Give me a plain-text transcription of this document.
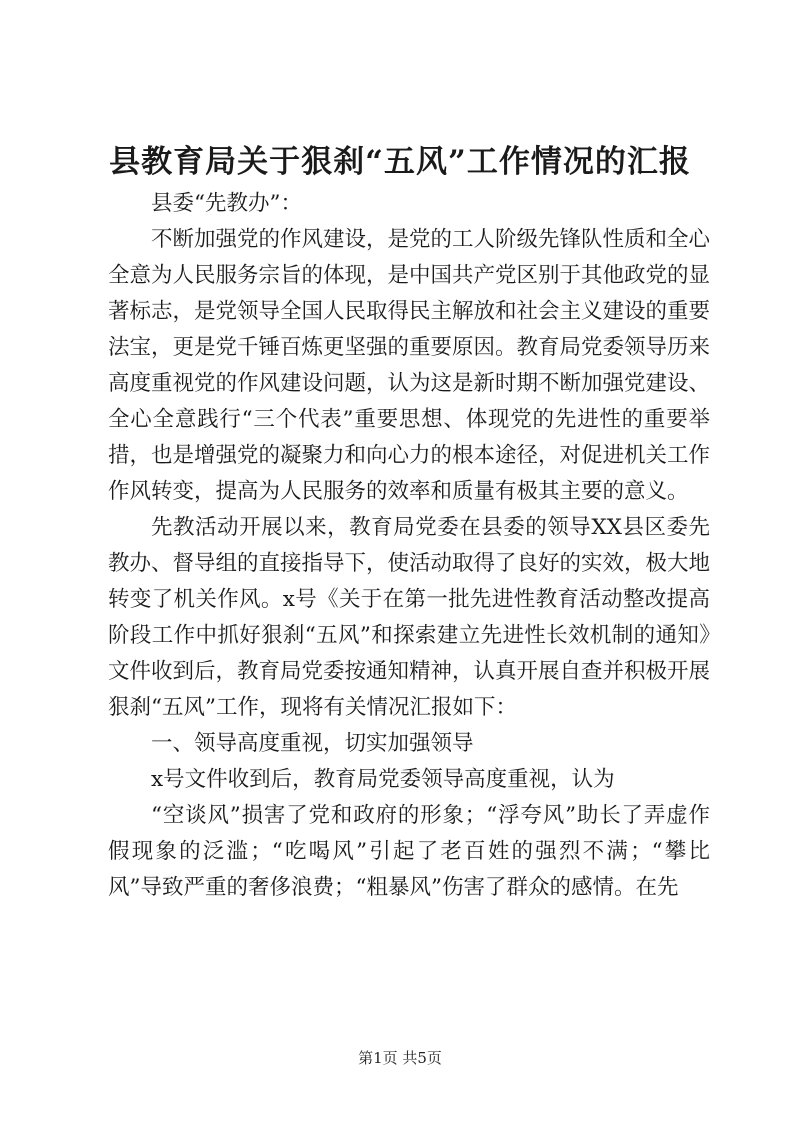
县教育局关于狠刹“五风”工作情况的汇报

县委“先教办”：

不断加强党的作风建设，是党的工人阶级先锋队性质和全心全意为人民服务宗旨的体现，是中国共产党区别于其他政党的显著标志，是党领导全国人民取得民主解放和社会主义建设的重要法宝，更是党千锤百炼更坚强的重要原因。教育局党委领导历来高度重视党的作风建设问题，认为这是新时期不断加强党建设、全心全意践行“三个代表”重要思想、体现党的先进性的重要举措，也是增强党的凝聚力和向心力的根本途径，对促进机关工作作风转变，提高为人民服务的效率和质量有极其主要的意义。

先教活动开展以来，教育局党委在县委的领导XX县区委先教办、督导组的直接指导下，使活动取得了良好的实效，极大地转变了机关作风。x号《关于在第一批先进性教育活动整改提高阶段工作中抓好狠刹“五风”和探索建立先进性长效机制的通知》文件收到后，教育局党委按通知精神，认真开展自查并积极开展狠刹“五风”工作，现将有关情况汇报如下：

一、领导高度重视，切实加强领导

x号文件收到后，教育局党委领导高度重视，认为

“空谈风”损害了党和政府的形象；“浮夸风”助长了弄虚作假现象的泛滥；“吃喝风”引起了老百姓的强烈不满；“攀比风”导致严重的奢侈浪费；“粗暴风”伤害了群众的感情。在先

第1页 共5页
